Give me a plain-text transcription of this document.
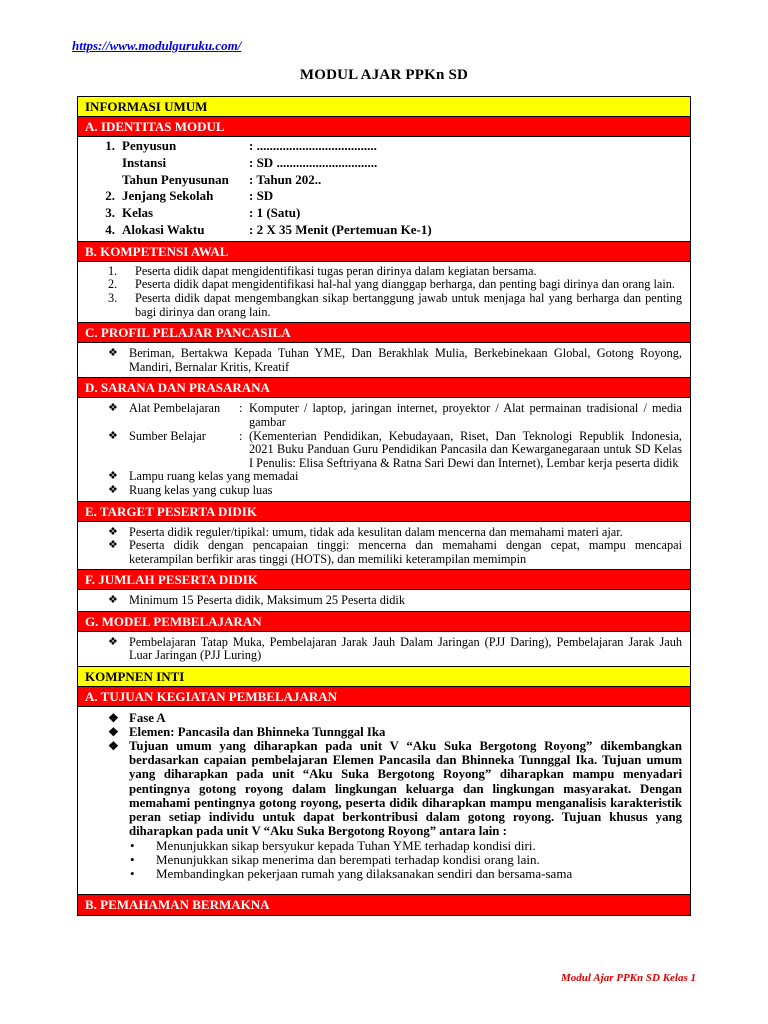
https://www.modulguruku.com/
MODUL AJAR PPKn SD
INFORMASI UMUM
A. IDENTITAS MODUL
1. Penyusun	: .....................................
Instansi	: SD ...............................
Tahun Penyusunan	: Tahun 202..
2. Jenjang Sekolah	: SD
3. Kelas	: 1 (Satu)
4. Alokasi Waktu	: 2 X 35 Menit (Pertemuan Ke-1)
B. KOMPETENSI AWAL
1.	Peserta didik dapat mengidentifikasi tugas peran dirinya dalam kegiatan bersama.
2.	Peserta didik dapat mengidentifikasi hal-hal yang dianggap berharga, dan penting bagi dirinya dan orang lain.
3.	Peserta didik dapat mengembangkan sikap bertanggung jawab untuk menjaga hal yang berharga dan penting bagi dirinya dan orang lain.
C. PROFIL PELAJAR PANCASILA
❖ Beriman, Bertakwa Kepada Tuhan YME, Dan Berakhlak Mulia, Berkebinekaan Global, Gotong Royong, Mandiri, Bernalar Kritis, Kreatif
D. SARANA DAN PRASARANA
❖ Alat Pembelajaran	: Komputer / laptop, jaringan internet, proyektor / Alat permainan tradisional / media gambar
❖ Sumber Belajar	: (Kementerian Pendidikan, Kebudayaan, Riset, Dan Teknologi Republik Indonesia, 2021 Buku Panduan Guru Pendidikan Pancasila dan Kewarganegaraan untuk SD Kelas I Penulis: Elisa Seftriyana & Ratna Sari Dewi dan Internet), Lembar kerja peserta didik
❖ Lampu ruang kelas yang memadai
❖ Ruang kelas yang cukup luas
E. TARGET PESERTA DIDIK
❖ Peserta didik reguler/tipikal: umum, tidak ada kesulitan dalam mencerna dan memahami materi ajar.
❖ Peserta didik dengan pencapaian tinggi: mencerna dan memahami dengan cepat, mampu mencapai keterampilan berfikir aras tinggi (HOTS), dan memiliki keterampilan memimpin
F. JUMLAH PESERTA DIDIK
❖ Minimum 15 Peserta didik, Maksimum 25 Peserta didik
G. MODEL PEMBELAJARAN
❖ Pembelajaran Tatap Muka, Pembelajaran Jarak Jauh Dalam Jaringan (PJJ Daring), Pembelajaran Jarak Jauh Luar Jaringan (PJJ Luring)
KOMPNEN INTI
A. TUJUAN KEGIATAN PEMBELAJARAN
❖ Fase A
❖ Elemen: Pancasila dan Bhinneka Tunnggal Ika
❖ Tujuan umum yang diharapkan pada unit V “Aku Suka Bergotong Royong” dikembangkan berdasarkan capaian pembelajaran Elemen Pancasila dan Bhinneka Tunnggal Ika. Tujuan umum yang diharapkan pada unit “Aku Suka Bergotong Royong” diharapkan mampu menyadari pentingnya gotong royong dalam lingkungan keluarga dan lingkungan masyarakat. Dengan memahami pentingnya gotong royong, peserta didik diharapkan mampu menganalisis karakteristik peran setiap individu untuk dapat berkontribusi dalam gotong royong. Tujuan khusus yang diharapkan pada unit V “Aku Suka Bergotong Royong” antara lain :
•	Menunjukkan sikap bersyukur kepada Tuhan YME terhadap kondisi diri.
•	Menunjukkan sikap menerima dan berempati terhadap kondisi orang lain.
•	Membandingkan pekerjaan rumah yang dilaksanakan sendiri dan bersama-sama
B. PEMAHAMAN BERMAKNA
Modul Ajar PPKn SD Kelas 1
